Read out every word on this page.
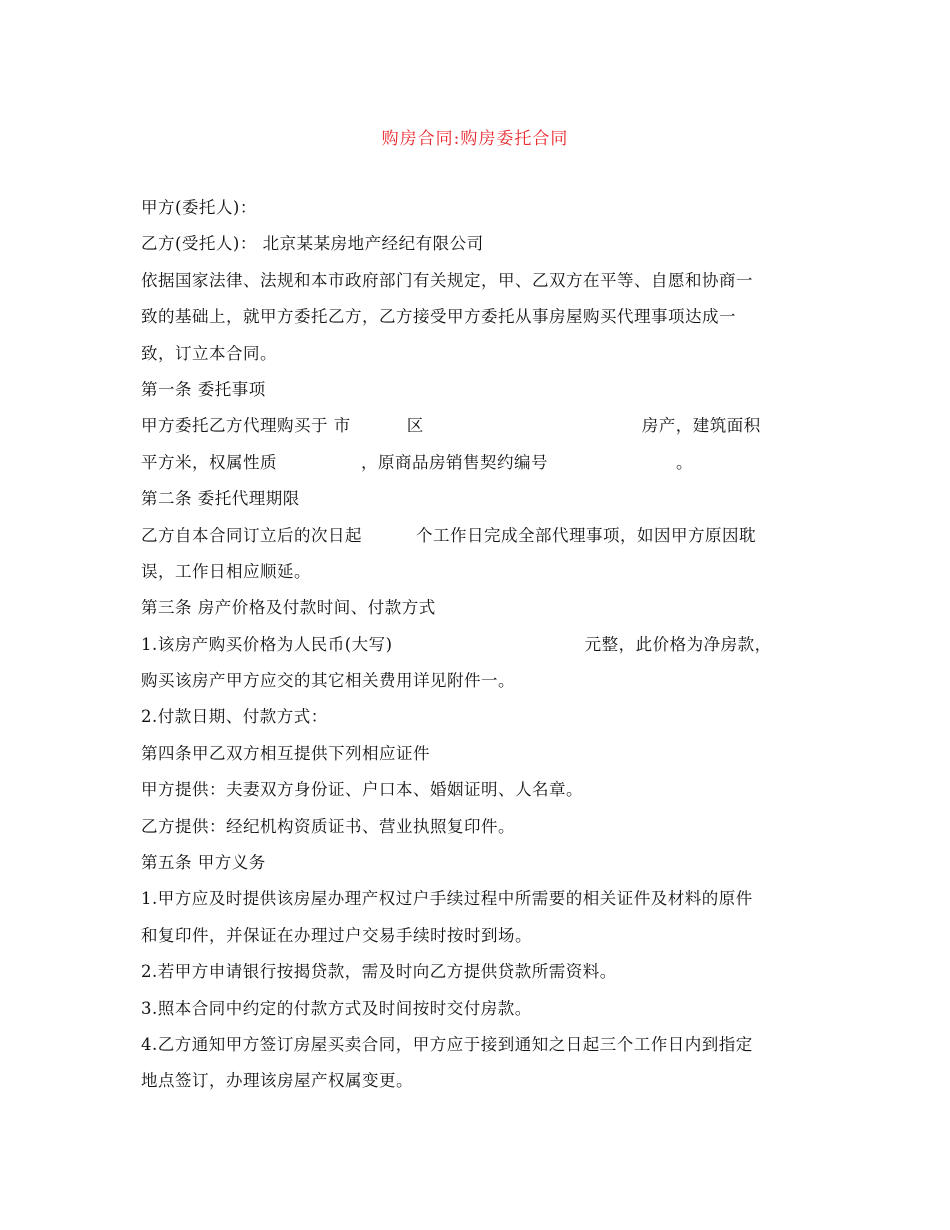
购房合同:购房委托合同
甲方(委托人)：
乙方(受托人)： 北京某某房地产经纪有限公司
依据国家法律、法规和本市政府部门有关规定，甲、乙双方在平等、自愿和协商一
致的基础上，就甲方委托乙方，乙方接受甲方委托从事房屋购买代理事项达成一
致，订立本合同。
第一条 委托事项
甲方委托乙方代理购买于 市	区	房产，建筑面积
平方米，权属性质	，原商品房销售契约编号	。
第二条 委托代理期限
乙方自本合同订立后的次日起	个工作日完成全部代理事项，如因甲方原因耽
误，工作日相应顺延。
第三条 房产价格及付款时间、付款方式
1.该房产购买价格为人民币(大写)	元整，此价格为净房款，
购买该房产甲方应交的其它相关费用详见附件一。
2.付款日期、付款方式：
第四条甲乙双方相互提供下列相应证件
甲方提供：夫妻双方身份证、户口本、婚姻证明、人名章。
乙方提供：经纪机构资质证书、营业执照复印件。
第五条 甲方义务
1.甲方应及时提供该房屋办理产权过户手续过程中所需要的相关证件及材料的原件
和复印件，并保证在办理过户交易手续时按时到场。
2.若甲方申请银行按揭贷款，需及时向乙方提供贷款所需资料。
3.照本合同中约定的付款方式及时间按时交付房款。
4.乙方通知甲方签订房屋买卖合同，甲方应于接到通知之日起三个工作日内到指定
地点签订，办理该房屋产权属变更。
